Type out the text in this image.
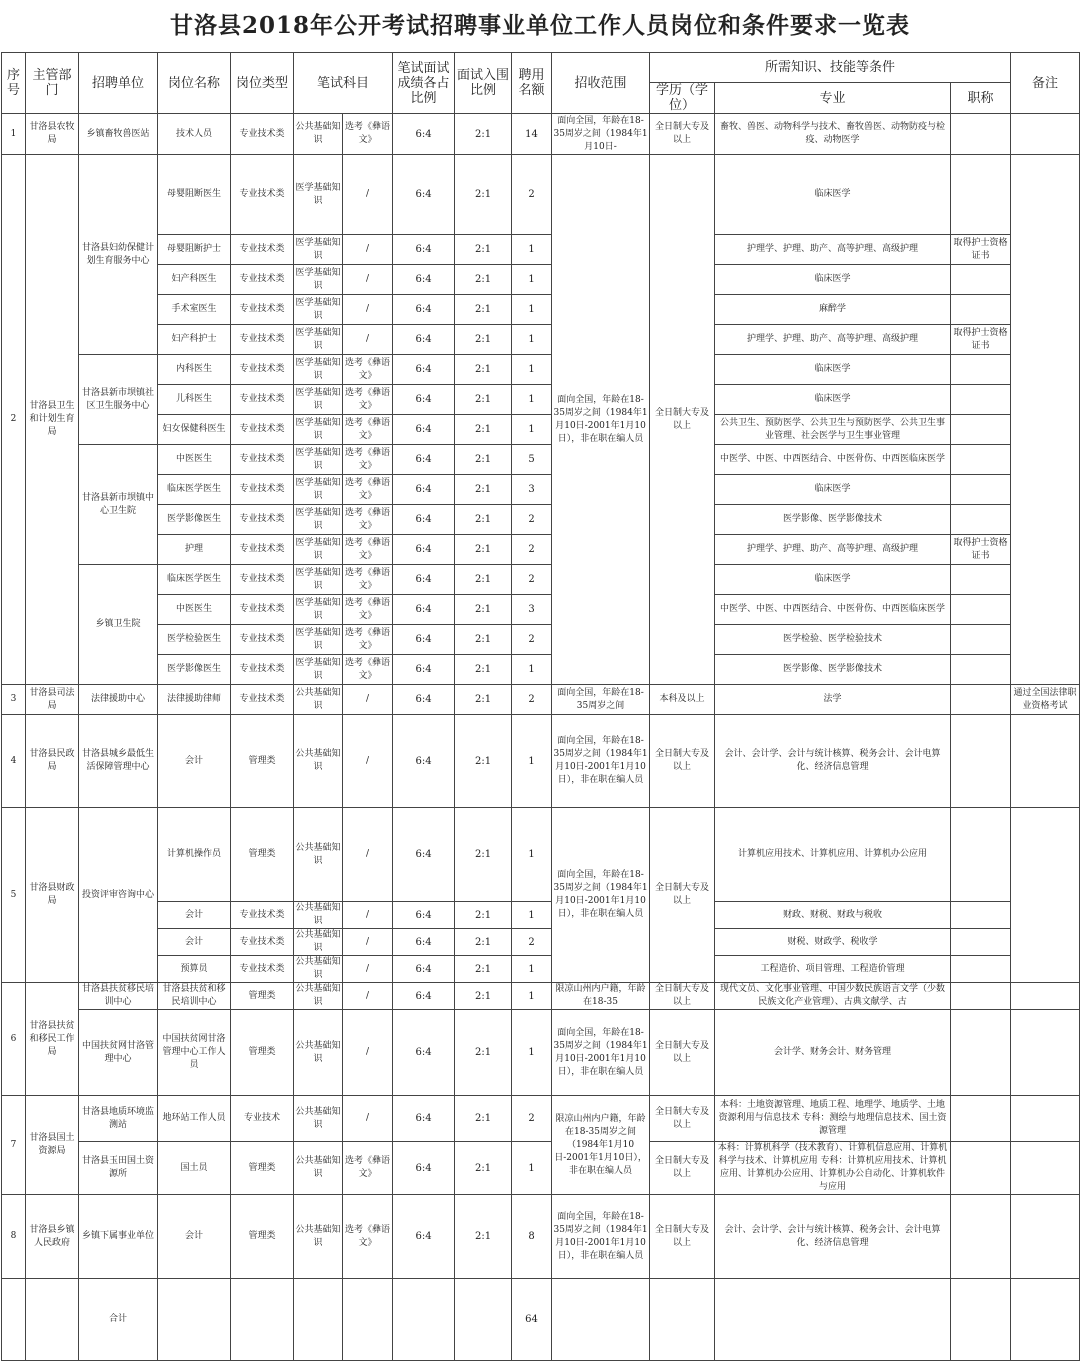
甘洛县2018年公开考试招聘事业单位工作人员岗位和条件要求一览表
序号	主管部门	招聘单位	岗位名称	岗位类型	笔试科目		笔试面试成绩各占比例	面试入围比例	聘用名额	招收范围	所需知识、技能等条件			备注
											学历（学位）	专业	职称	
1	甘洛县农牧局	乡镇畜牧兽医站	技术人员	专业技术类	公共基础知识	选考《彝语文》	6:4	2:1	14	面向全国，年龄在18-35周岁之间（1984年1月10日-	全日制大专及以上	畜牧、兽医、动物科学与技术、畜牧兽医、动物防疫与检疫、动物医学		
2	甘洛县卫生和计划生育局	甘洛县妇幼保健计划生育服务中心	母婴阻断医生	专业技术类	医学基础知识	/	6:4	2:1	2	面向全国，年龄在18-35周岁之间（1984年1月10日-2001年1月10日），非在职在编人员	全日制大专及以上	临床医学		
			母婴阻断护士	专业技术类	医学基础知识	/	6:4	2:1	1			护理学、护理、助产、高等护理、高级护理	取得护士资格证书	
			妇产科医生	专业技术类	医学基础知识	/	6:4	2:1	1			临床医学		
			手术室医生	专业技术类	医学基础知识	/	6:4	2:1	1			麻醉学		
			妇产科护士	专业技术类	医学基础知识	/	6:4	2:1	1			护理学、护理、助产、高等护理、高级护理	取得护士资格证书	
		甘洛县新市坝镇社区卫生服务中心	内科医生	专业技术类	医学基础知识	选考《彝语文》	6:4	2:1	1			临床医学		
			儿科医生	专业技术类	医学基础知识	选考《彝语文》	6:4	2:1	1			临床医学		
			妇女保健科医生	专业技术类	医学基础知识	选考《彝语文》	6:4	2:1	1			公共卫生、预防医学、公共卫生与预防医学、公共卫生事业管理、社会医学与卫生事业管理		
		甘洛县新市坝镇中心卫生院	中医医生	专业技术类	医学基础知识	选考《彝语文》	6:4	2:1	5			中医学、中医、中西医结合、中医骨伤、中西医临床医学		
			临床医学医生	专业技术类	医学基础知识	选考《彝语文》	6:4	2:1	3			临床医学		
			医学影像医生	专业技术类	医学基础知识	选考《彝语文》	6:4	2:1	2			医学影像、医学影像技术		
			护理	专业技术类	医学基础知识	选考《彝语文》	6:4	2:1	2			护理学、护理、助产、高等护理、高级护理	取得护士资格证书	
		乡镇卫生院	临床医学医生	专业技术类	医学基础知识	选考《彝语文》	6:4	2:1	2			临床医学		
			中医医生	专业技术类	医学基础知识	选考《彝语文》	6:4	2:1	3			中医学、中医、中西医结合、中医骨伤、中西医临床医学		
			医学检验医生	专业技术类	医学基础知识	选考《彝语文》	6:4	2:1	2			医学检验、医学检验技术		
			医学影像医生	专业技术类	医学基础知识	选考《彝语文》	6:4	2:1	1			医学影像、医学影像技术		
3	甘洛县司法局	法律援助中心	法律援助律师	专业技术类	公共基础知识	/	6:4	2:1	2	面向全国，年龄在18-35周岁之间	本科及以上	法学		通过全国法律职业资格考试
4	甘洛县民政局	甘洛县城乡最低生活保障管理中心	会计	管理类	公共基础知识	/	6:4	2:1	1	面向全国，年龄在18-35周岁之间（1984年1月10日-2001年1月10日），非在职在编人员	全日制大专及以上	会计、会计学、会计与统计核算、税务会计、会计电算化、经济信息管理		
5	甘洛县财政局	投资评审咨询中心	计算机操作员	管理类	公共基础知识	/	6:4	2:1	1	面向全国，年龄在18-35周岁之间（1984年1月10日-2001年1月10日），非在职在编人员	全日制大专及以上	计算机应用技术、计算机应用、计算机办公应用		
			会计	专业技术类	公共基础知识	/	6:4	2:1	1			财政、财税、财政与税收		
			会计	专业技术类	公共基础知识	/	6:4	2:1	2			财税、财政学、税收学		
			预算员	专业技术类	公共基础知识	/	6:4	2:1	1			工程造价、项目管理、工程造价管理		
6	甘洛县扶贫和移民工作局	甘洛县扶贫移民培训中心	甘洛县扶贫和移民培训中心	管理类	公共基础知识	/	6:4	2:1	1	限凉山州内户籍，年龄在18-35	全日制大专及以上	现代文员、文化事业管理、中国少数民族语言文学（少数民族文化产业管理）、古典文献学、古		
		中国扶贫网甘洛管理中心	中国扶贫网甘洛管理中心工作人员	管理类	公共基础知识	/	6:4	2:1	1	面向全国，年龄在18-35周岁之间（1984年1月10日-2001年1月10日），非在职在编人员	全日制大专及以上	会计学、财务会计、财务管理		
7	甘洛县国土资源局	甘洛县地质环境监测站	地环站工作人员	专业技术	公共基础知识	/	6:4	2:1	2	限凉山州内户籍，年龄在18-35周岁之间（1984年1月10日-2001年1月10日），非在职在编人员	全日制大专及以上	本科：土地资源管理、地质工程、地理学、地质学、土地资源利用与信息技术 专科：测绘与地理信息技术、国土资源管理		
		甘洛县玉田国土资源所	国土员	管理类	公共基础知识	选考《彝语文》	6:4	2:1	1		全日制大专及以上	本科：计算机科学（技术教育）、计算机信息应用、计算机科学与技术、计算机应用 专科：计算机应用技术、计算机应用、计算机办公应用、计算机办公自动化、计算机软件与应用		
8	甘洛县乡镇人民政府	乡镇下属事业单位	会计	管理类	公共基础知识	选考《彝语文》	6:4	2:1	8	面向全国，年龄在18-35周岁之间（1984年1月10日-2001年1月10日），非在职在编人员	全日制大专及以上	会计、会计学、会计与统计核算、税务会计、会计电算化、经济信息管理		
		合计							64					
